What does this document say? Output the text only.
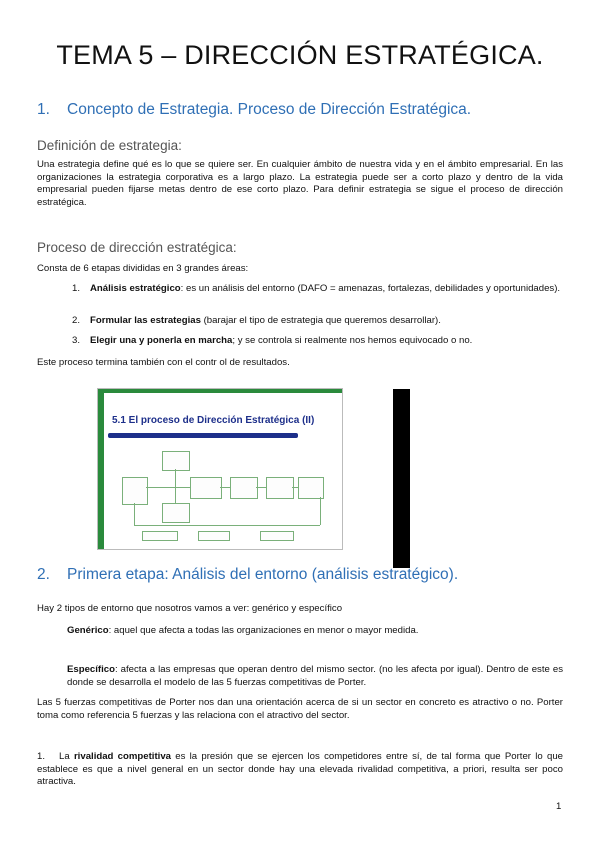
TEMA 5 – DIRECCIÓN ESTRATÉGICA.
1. Concepto de Estrategia. Proceso de Dirección Estratégica.
Definición de estrategia:
Una estrategia define qué es lo que se quiere ser. En cualquier ámbito de nuestra vida y en el ámbito empresarial. En las organizaciones la estrategia corporativa es a largo plazo. La estrategia puede ser a corto plazo y dentro de la vida empresarial pueden fijarse metas dentro de ese corto plazo. Para definir estrategia se sigue el proceso de dirección estratégica.
Proceso de dirección estratégica:
Consta de 6 etapas divididas en 3 grandes áreas:
1. Análisis estratégico: es un análisis del entorno (DAFO = amenazas, fortalezas, debilidades y oportunidades).
2. Formular las estrategias (barajar el tipo de estrategia que queremos desarrollar).
3. Elegir una y ponerla en marcha; y se controla si realmente nos hemos equivocado o no.
Este proceso termina también con el contr ol de resultados.
5.1 El proceso de Dirección Estratégica (II)
2. Primera etapa: Análisis del entorno (análisis estratégico).
Hay 2 tipos de entorno que nosotros vamos a ver: genérico y específico
Genérico: aquel que afecta a todas las organizaciones en menor o mayor medida.
Específico: afecta a las empresas que operan dentro del mismo sector. (no les afecta por igual). Dentro de este es donde se desarrolla el modelo de las 5 fuerzas competitivas de Porter.
Las 5 fuerzas competitivas de Porter nos dan una orientación acerca de si un sector en concreto es atractivo o no. Porter toma como referencia 5 fuerzas y las relaciona con el atractivo del sector.
1. La rivalidad competitiva es la presión que se ejercen los competidores entre sí, de tal forma que Porter lo que establece es que a nivel general en un sector donde hay una elevada rivalidad competitiva, a priori, resulta ser poco atractiva.
1
